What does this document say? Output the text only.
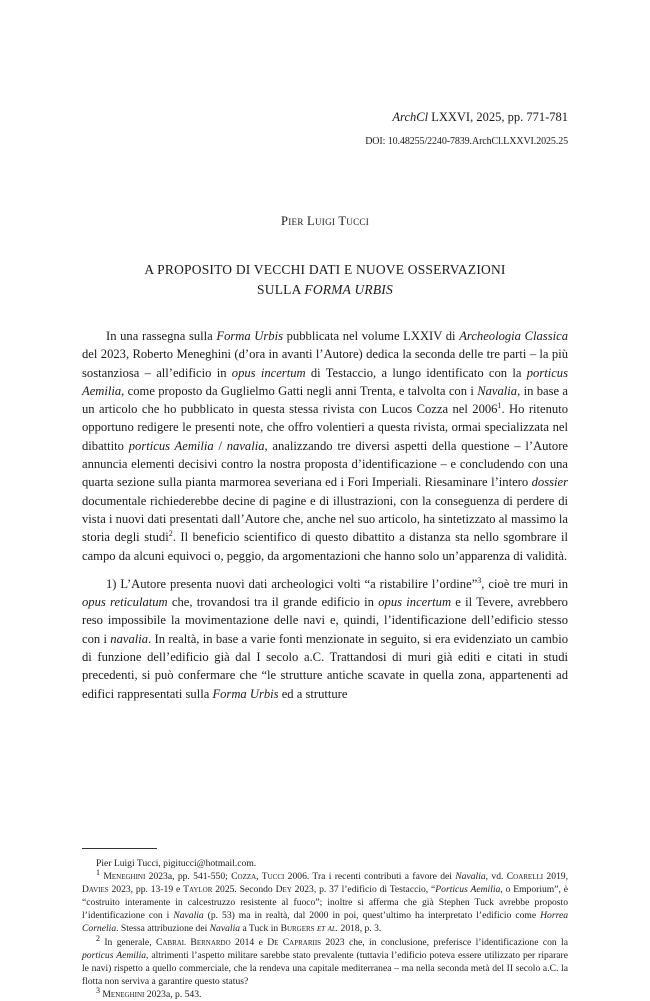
ArchCl LXXVI, 2025, pp. 771-781
DOI: 10.48255/2240-7839.ArchCl.LXXVI.2025.25
Pier Luigi Tucci
A PROPOSITO DI VECCHI DATI E NUOVE OSSERVAZIONI
SULLA FORMA URBIS

In una rassegna sulla Forma Urbis pubblicata nel volume LXXIV di Archeologia Classica del 2023, Roberto Meneghini (d’ora in avanti l’Autore) dedica la seconda delle tre parti – la più sostanziosa – all’edificio in opus incertum di Testaccio, a lungo identificato con la porticus Aemilia, come proposto da Guglielmo Gatti negli anni Trenta, e talvolta con i Navalia, in base a un articolo che ho pubblicato in questa stessa rivista con Lucos Cozza nel 2006$^1$. Ho ritenuto opportuno redigere le presenti note, che offro volentieri a questa rivista, ormai specializzata nel dibattito porticus Aemilia / navalia, analizzando tre diversi aspetti della questione – l’Autore annuncia elementi decisivi contro la nostra proposta d’identificazione – e concludendo con una quarta sezione sulla pianta marmorea severiana ed i Fori Imperiali. Riesaminare l’intero dossier documentale richiederebbe decine di pagine e di illustrazioni, con la conseguenza di perdere di vista i nuovi dati presentati dall’Autore che, anche nel suo articolo, ha sintetizzato al massimo la storia degli studi$^2$. Il beneficio scientifico di questo dibattito a distanza sta nello sgombrare il campo da alcuni equivoci o, peggio, da argomentazioni che hanno solo un’apparenza di validità.

1) L’Autore presenta nuovi dati archeologici volti “a ristabilire l’ordine”$^3$, cioè tre muri in opus reticulatum che, trovandosi tra il grande edificio in opus incertum e il Tevere, avrebbero reso impossibile la movimentazione delle navi e, quindi, l’identificazione dell’edificio stesso con i navalia. In realtà, in base a varie fonti menzionate in seguito, si era evidenziato un cambio di funzione dell’edificio già dal I secolo a.C. Trattandosi di muri già editi e citati in studi precedenti, si può confermare che “le strutture antiche scavate in quella zona, appartenenti ad edifici rappresentati sulla Forma Urbis ed a strutture

Pier Luigi Tucci, pigitucci@hotmail.com.

$^1$ Meneghini 2023a, pp. 541-550; Cozza, Tucci 2006. Tra i recenti contributi a favore dei Navalia, vd. Coarelli 2019, Davies 2023, pp. 13-19 e Taylor 2025. Secondo Dey 2023, p. 37 l’edificio di Testaccio, “Porticus Aemilia, o Emporium”, è “costruito interamente in calcestruzzo resistente al fuoco”; inoltre si afferma che già Stephen Tuck avrebbe proposto l’identificazione con i Navalia (p. 53) ma in realtà, dal 2000 in poi, quest’ultimo ha interpretato l’edificio come Horrea Cornelia. Stessa attribuzione dei Navalia a Tuck in Burgers et al. 2018, p. 3.

$^2$ In generale, Cabral Bernardo 2014 e De Caprariis 2023 che, in conclusione, preferisce l’identificazione con la porticus Aemilia, altrimenti l’aspetto militare sarebbe stato prevalente (tuttavia l’edificio poteva essere utilizzato per riparare le navi) rispetto a quello commerciale, che la rendeva una capitale mediterranea – ma nella seconda metà del II secolo a.C. la flotta non serviva a garantire questo status?

$^3$ Meneghini 2023a, p. 543.
